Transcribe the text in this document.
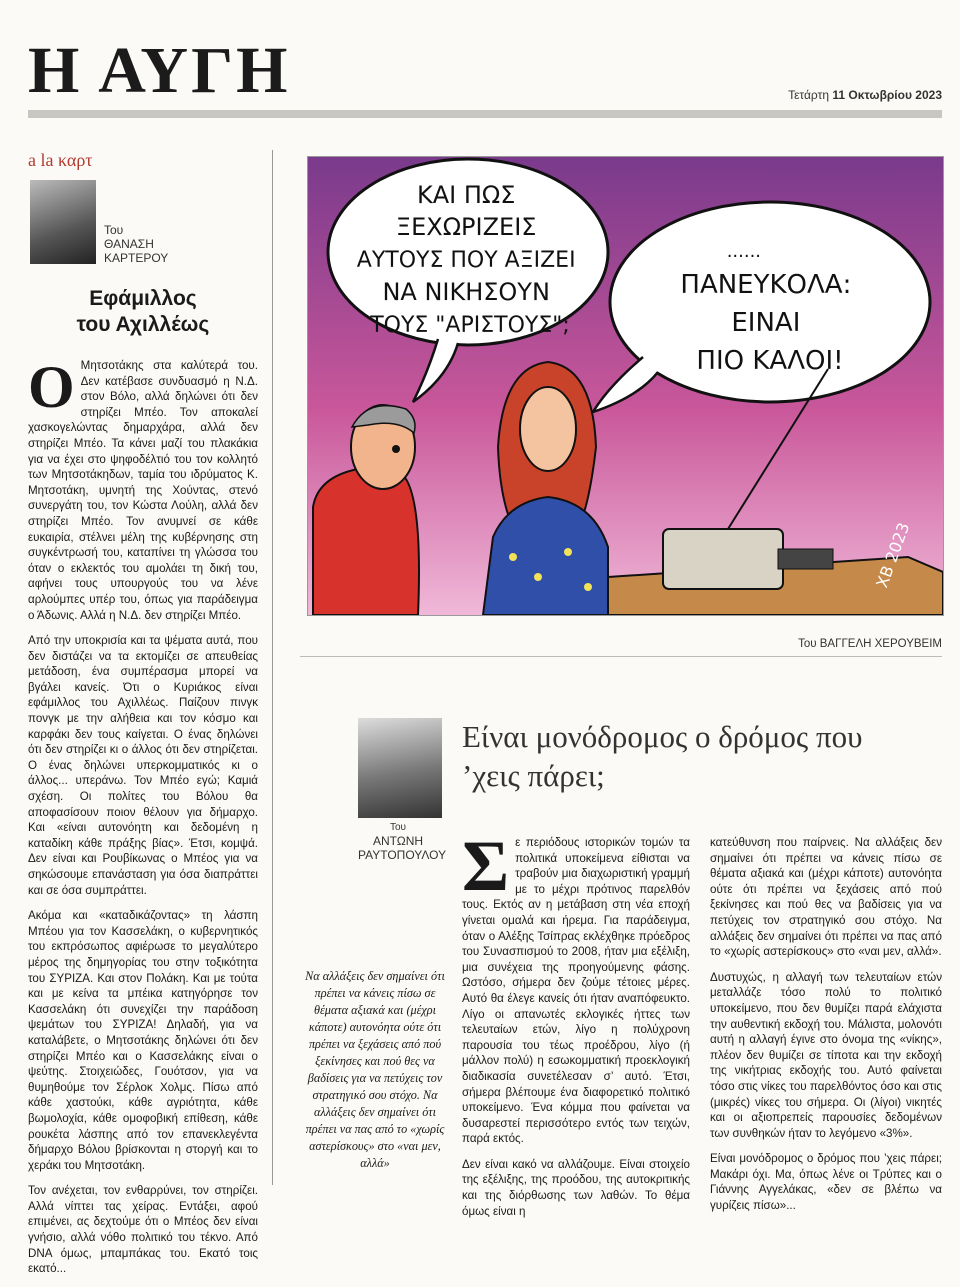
Η ΑΥΓΗ	Τετάρτη 11 Οκτωβρίου 2023
a la καρτ
Του
ΘΑΝΑΣΗ
ΚΑΡΤΕΡΟΥ
Εφάμιλλος
του Αχιλλέως

Ο Μητσοτάκης στα καλύτερά του. Δεν κατέβασε συνδυασμό η Ν.Δ. στον Βόλο, αλλά δηλώνει ότι δεν στηρίζει Μπέο. Τον αποκαλεί χασκογελώντας δημαρχάρα, αλλά δεν στηρίζει Μπέο. Τα κάνει μαζί του πλακάκια για να έχει στο ψηφοδέλτιό του τον κολλητό των Μητσοτάκηδων, ταμία του ιδρύματος Κ. Μητσοτάκη, υμνητή της Χούντας, στενό συνεργάτη του, τον Κώστα Λούλη, αλλά δεν στηρίζει Μπέο. Τον ανυμνεί σε κάθε ευκαιρία, στέλνει μέλη της κυβέρνησης στη συγκέντρωσή του, καταπίνει τη γλώσσα του όταν ο εκλεκτός του αμολάει τη δική του, αφήνει τους υπουργούς του να λένε αρλούμπες υπέρ του, όπως για παράδειγμα ο Άδωνις. Αλλά η Ν.Δ. δεν στηρίζει Μπέο.

Από την υποκρισία και τα ψέματα αυτά, που δεν διστάζει να τα εκτομίζει σε απευθείας μετάδοση, ένα συμπέρασμα μπορεί να βγάλει κανείς. Ότι ο Κυριάκος είναι εφάμιλλος του Αχιλλέως. Παίζουν πινγκ πονγκ με την αλήθεια και τον κόσμο και καρφάκι δεν τους καίγεται. Ο ένας δηλώνει ότι δεν στηρίζει κι ο άλλος ότι δεν στηρίζεται. Ο ένας δηλώνει υπερκομματικός κι ο άλλος... υπεράνω. Τον Μπέο εγώ; Καμιά σχέση. Οι πολίτες του Βόλου θα αποφασίσουν ποιον θέλουν για δήμαρχο. Και «είναι αυτονόητη και δεδομένη η καταδίκη κάθε πράξης βίας». Έτσι, κομψά. Δεν είναι και Ρουβίκωνας ο Μπέος για να σηκώσουμε επανάσταση για όσα διαπράττει και σε όσα συμπράττει.

Ακόμα και «καταδικάζοντας» τη λάσπη Μπέου για τον Κασσελάκη, ο κυβερνητικός του εκπρόσωπος αφιέρωσε το μεγαλύτερο μέρος της δημηγορίας του στην τοξικότητα του ΣΥΡΙΖΑ. Και στον Πολάκη. Και με τούτα και με κείνα τα μπέικα κατηγόρησε τον Κασσελάκη ότι συνεχίζει την παράδοση ψεμάτων του ΣΥΡΙΖΑ! Δηλαδή, για να καταλάβετε, ο Μητσοτάκης δηλώνει ότι δεν στηρίζει Μπέο και ο Κασσελάκης είναι ο ψεύτης. Στοιχειώδες, Γουότσον, για να θυμηθούμε τον Σέρλοκ Χολμς. Πίσω από κάθε χαστούκι, κάθε αγριότητα, κάθε βωμολοχία, κάθε ομοφοβική επίθεση, κάθε ρουκέτα λάσπης από τον επανεκλεγέντα δήμαρχο Βόλου βρίσκονται η στοργή και το χεράκι του Μητσοτάκη.

Τον ανέχεται, τον ενθαρρύνει, τον στηρίζει. Αλλά νίπτει τας χείρας. Εντάξει, αφού επιμένει, ας δεχτούμε ότι ο Μπέος δεν είναι γνήσιο, αλλά νόθο πολιτικό του τέκνο. Από DNA όμως, μπαμπάκας του. Εκατό τοις εκατό...

ΚΑΙ ΠΩΣ ΞΕΧΩΡΙΖΕΙΣ ΑΥΤΟΥΣ ΠΟΥ ΑΞΙΖΕΙ ΝΑ ΝΙΚΗΣΟΥΝ ΤΟΥΣ "ΑΡΙΣΤΟΥΣ";
...... ΠΑΝΕΥΚΟΛΑ: ΕΙΝΑΙ ΠΙΟ ΚΑΛΟΙ!
ΧΒ 2023
Του ΒΑΓΓΕΛΗ ΧΕΡΟΥΒΕΙΜ
Του
ΑΝΤΩΝΗ
ΡΑΥΤΟΠΟΥΛΟΥ
Είναι μονόδρομος ο δρόμος που ’χεις πάρει;
Να αλλάξεις δεν σημαίνει ότι πρέπει να κάνεις πίσω σε θέματα αξιακά και (μέχρι κάποτε) αυτονόητα ούτε ότι πρέπει να ξεχάσεις από πού ξεκίνησες και πού θες να βαδίσεις για να πετύχεις τον στρατηγικό σου στόχο. Να αλλάξεις δεν σημαίνει ότι πρέπει να πας από το «χωρίς αστερίσκους» στο «ναι μεν, αλλά»

Σε περιόδους ιστορικών τομών τα πολιτικά υποκείμενα είθισται να τραβούν μια διαχωριστική γραμμή με το μέχρι πρότινος παρελθόν τους. Εκτός αν η μετάβαση στη νέα εποχή γίνεται ομαλά και ήρεμα. Για παράδειγμα, όταν ο Αλέξης Τσίπρας εκλέχθηκε πρόεδρος του Συνασπισμού το 2008, ήταν μια εξέλιξη, μια συνέχεια της προηγούμενης φάσης. Ωστόσο, σήμερα δεν ζούμε τέτοιες μέρες. Αυτό θα έλεγε κανείς ότι ήταν αναπόφευκτο. Λίγο οι απανωτές εκλογικές ήττες των τελευταίων ετών, λίγο η πολύχρονη παρουσία του τέως προέδρου, λίγο (ή μάλλον πολύ) η εσωκομματική προεκλογική διαδικασία συνετέλεσαν σ’ αυτό. Έτσι, σήμερα βλέπουμε ένα διαφορετικό πολιτικό υποκείμενο. Ένα κόμμα που φαίνεται να δυσαρεστεί περισσότερο εντός των τειχών, παρά εκτός.

Δεν είναι κακό να αλλάζουμε. Είναι στοιχείο της εξέλιξης, της προόδου, της αυτοκριτικής και της διόρθωσης των λαθών. Το θέμα όμως είναι η

κατεύθυνση που παίρνεις. Να αλλάξεις δεν σημαίνει ότι πρέπει να κάνεις πίσω σε θέματα αξιακά και (μέχρι κάποτε) αυτονόητα ούτε ότι πρέπει να ξεχάσεις από πού ξεκίνησες και πού θες να βαδίσεις για να πετύχεις τον στρατηγικό σου στόχο. Να αλλάξεις δεν σημαίνει ότι πρέπει να πας από το «χωρίς αστερίσκους» στο «ναι μεν, αλλά».

Δυστυχώς, η αλλαγή των τελευταίων ετών μεταλλάζε τόσο πολύ το πολιτικό υποκείμενο, που δεν θυμίζει παρά ελάχιστα την αυθεντική εκδοχή του. Μάλιστα, μολονότι αυτή η αλλαγή έγινε στο όνομα της «νίκης», πλέον δεν θυμίζει σε τίποτα και την εκδοχή της νικήτριας εκδοχής του. Αυτό φαίνεται τόσο στις νίκες του παρελθόντος όσο και στις (μικρές) νίκες του σήμερα. Οι (λίγοι) νικητές και οι αξιοπρεπείς παρουσίες δεδομένων των συνθηκών ήταν το λεγόμενο «3%».

Είναι μονόδρομος ο δρόμος που ’χεις πάρει; Μακάρι όχι. Μα, όπως λένε οι Τρύπες και ο Γιάννης Αγγελάκας, «δεν σε βλέπω να γυρίζεις πίσω»...
